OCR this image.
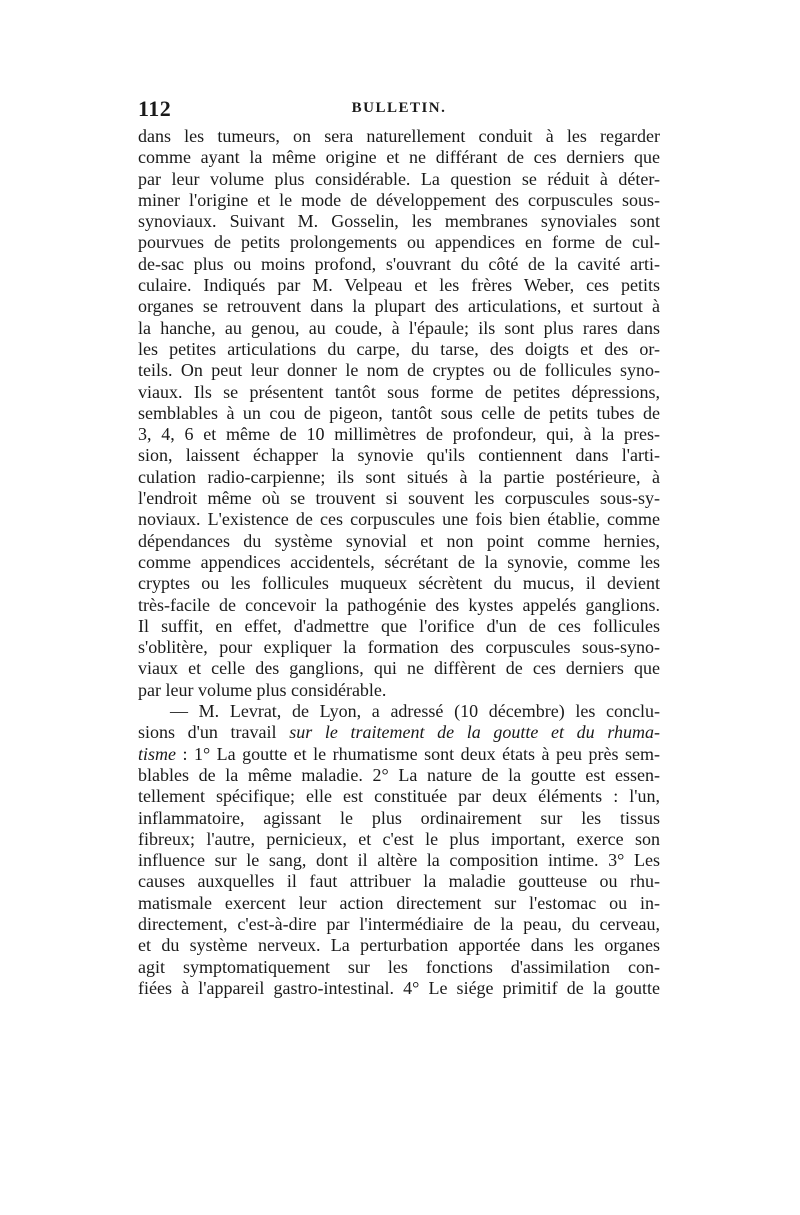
112	BULLETIN.
dans les tumeurs, on sera naturellement conduit à les regarder
comme ayant la même origine et ne différant de ces derniers que
par leur volume plus considérable. La question se réduit à déter-
miner l'origine et le mode de développement des corpuscules sous-
synoviaux. Suivant M. Gosselin, les membranes synoviales sont
pourvues de petits prolongements ou appendices en forme de cul-
de-sac plus ou moins profond, s'ouvrant du côté de la cavité arti-
culaire. Indiqués par M. Velpeau et les frères Weber, ces petits
organes se retrouvent dans la plupart des articulations, et surtout à
la hanche, au genou, au coude, à l'épaule; ils sont plus rares dans
les petites articulations du carpe, du tarse, des doigts et des or-
teils. On peut leur donner le nom de cryptes ou de follicules syno-
viaux. Ils se présentent tantôt sous forme de petites dépressions,
semblables à un cou de pigeon, tantôt sous celle de petits tubes de
3, 4, 6 et même de 10 millimètres de profondeur, qui, à la pres-
sion, laissent échapper la synovie qu'ils contiennent dans l'arti-
culation radio-carpienne; ils sont situés à la partie postérieure, à
l'endroit même où se trouvent si souvent les corpuscules sous-sy-
noviaux. L'existence de ces corpuscules une fois bien établie, comme
dépendances du système synovial et non point comme hernies,
comme appendices accidentels, sécrétant de la synovie, comme les
cryptes ou les follicules muqueux sécrètent du mucus, il devient
très-facile de concevoir la pathogénie des kystes appelés ganglions.
Il suffit, en effet, d'admettre que l'orifice d'un de ces follicules
s'oblitère, pour expliquer la formation des corpuscules sous-syno-
viaux et celle des ganglions, qui ne diffèrent de ces derniers que
par leur volume plus considérable.
— M. Levrat, de Lyon, a adressé (10 décembre) les conclu-
sions d'un travail sur le traitement de la goutte et du rhuma-
tisme : 1° La goutte et le rhumatisme sont deux états à peu près sem-
blables de la même maladie. 2° La nature de la goutte est essen-
tellement spécifique; elle est constituée par deux éléments : l'un,
inflammatoire, agissant le plus ordinairement sur les tissus
fibreux; l'autre, pernicieux, et c'est le plus important, exerce son
influence sur le sang, dont il altère la composition intime. 3° Les
causes auxquelles il faut attribuer la maladie goutteuse ou rhu-
matismale exercent leur action directement sur l'estomac ou in-
directement, c'est-à-dire par l'intermédiaire de la peau, du cerveau,
et du système nerveux. La perturbation apportée dans les organes
agit symptomatiquement sur les fonctions d'assimilation con-
fiées à l'appareil gastro-intestinal. 4° Le siége primitif de la goutte
